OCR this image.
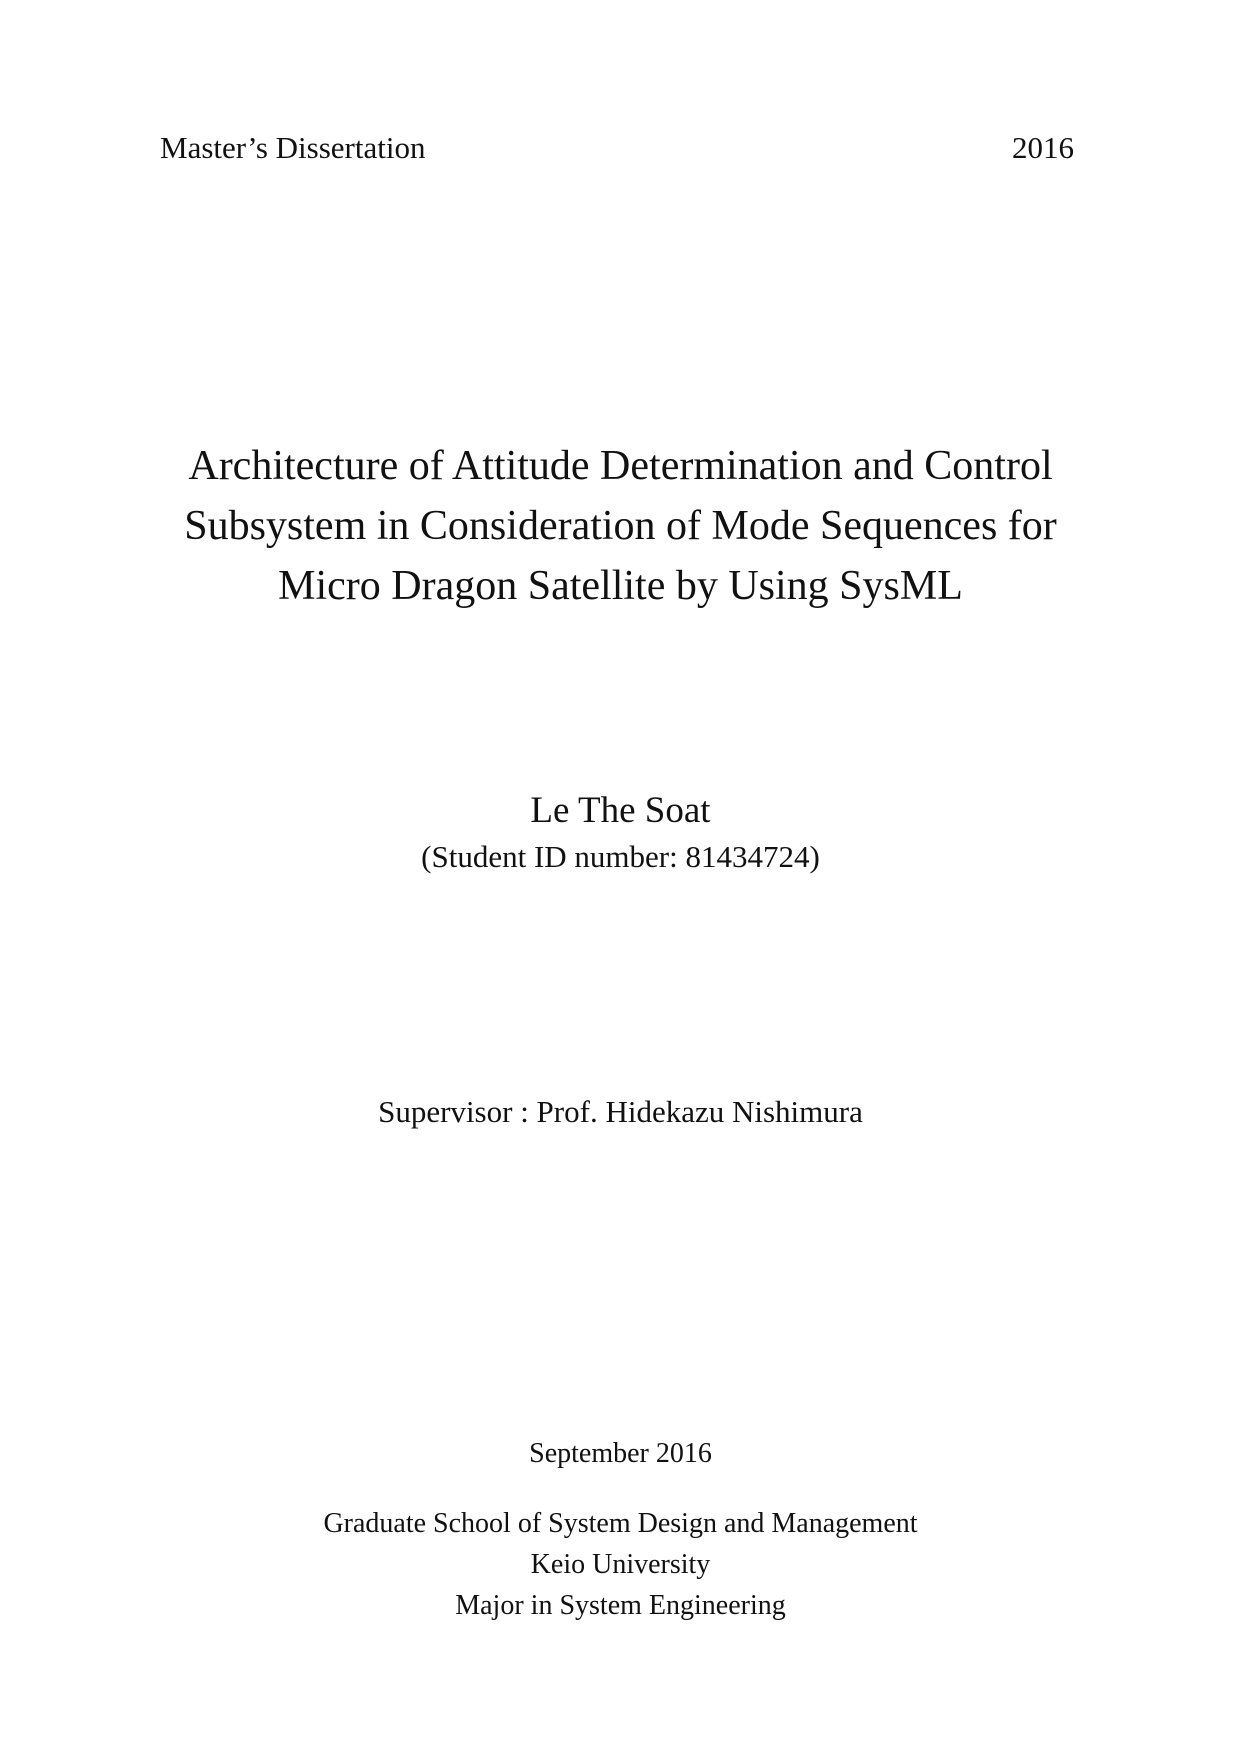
Master’s Dissertation	2016
Architecture of Attitude Determination and Control
Subsystem in Consideration of Mode Sequences for
Micro Dragon Satellite by Using SysML
Le The Soat
(Student ID number: 81434724)
Supervisor : Prof. Hidekazu Nishimura
September 2016
Graduate School of System Design and Management
Keio University
Major in System Engineering
